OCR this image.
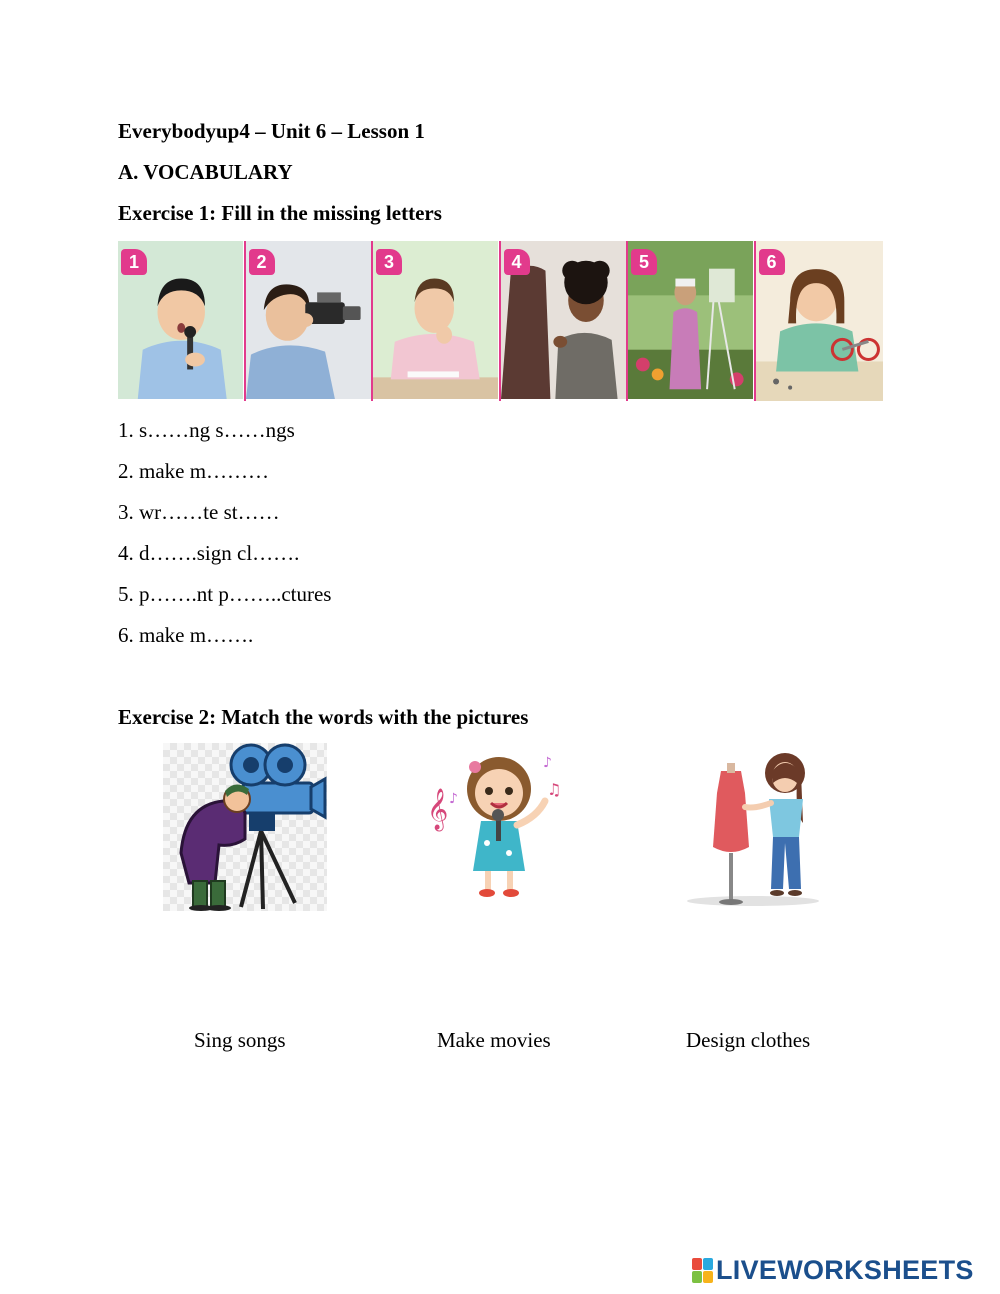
Everybodyup4 – Unit 6 – Lesson 1
A. VOCABULARY
Exercise 1: Fill in the missing letters
1	2	3	4	5	6
1. s……ng s……ngs
2. make m………
3. wr……te st……
4. d…….sign cl…….
5. p…….nt p……..ctures
6. make m…….
Exercise 2: Match the words with the pictures
𝄞 ♪	♫
♪
Sing songs	Make movies	Design clothes
LIVEWORKSHEETS
